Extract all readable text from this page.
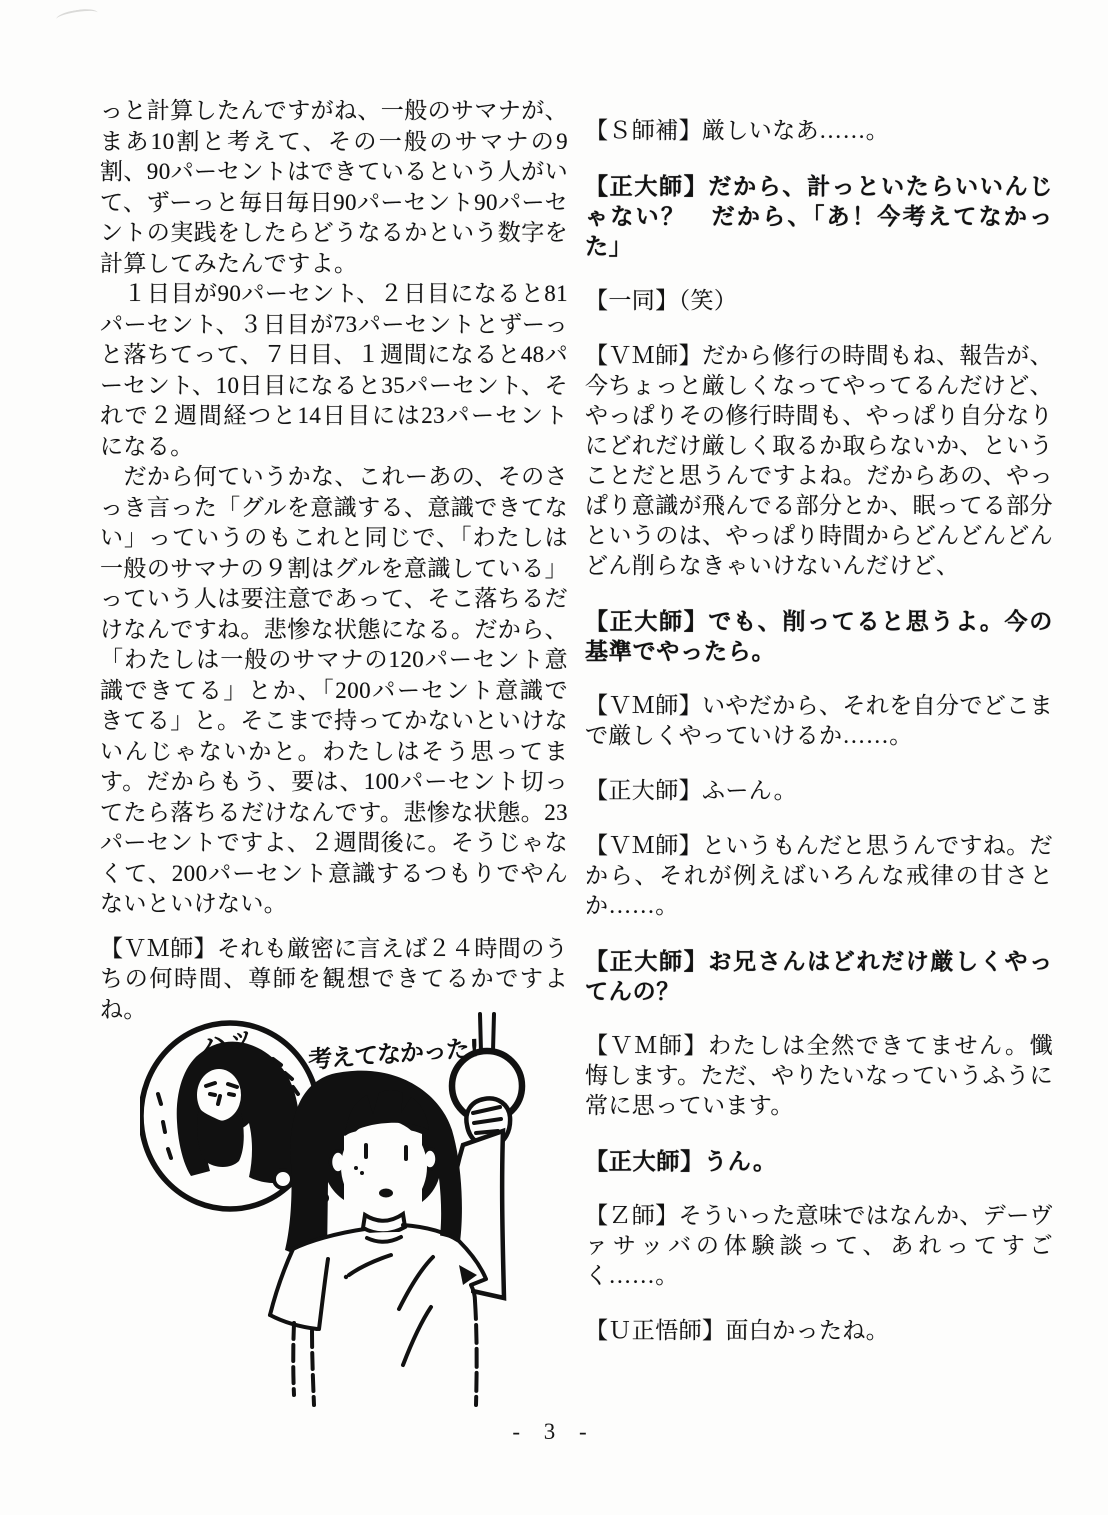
っと計算したんですがね、一般のサマナが、まあ10割と考えて、その一般のサマナの9割、90パーセントはできているという人がいて、ずーっと毎日毎日90パーセント90パーセントの実践をしたらどうなるかという数字を計算してみたんですよ。

　１日目が90パーセント、２日目になると81パーセント、３日目が73パーセントとずーっと落ちてって、７日目、１週間になると48パーセント、10日目になると35パーセント、それで２週間経つと14日目には23パーセントになる。

　だから何ていうかな、これーあの、そのさっき言った「グルを意識する、意識できてない」っていうのもこれと同じで、「わたしは一般のサマナの９割はグルを意識している」っていう人は要注意であって、そこ落ちるだけなんですね。悲惨な状態になる。だから、「わたしは一般のサマナの120パーセント意識できてる」とか、「200パーセント意識できてる」と。そこまで持ってかないといけないんじゃないかと。わたしはそう思ってます。だからもう、要は、100パーセント切ってたら落ちるだけなんです。悲惨な状態。23パーセントですよ、２週間後に。そうじゃなくて、200パーセント意識するつもりでやんないといけない。

【ＶＭ師】それも厳密に言えば２４時間のうちの何時間、尊師を観想できてるかですよね。

【Ｓ師補】厳しいなあ……。

【正大師】だから、計っといたらいいんじゃない？　だから、「あ！今考えてなかった」

【一同】（笑）

【ＶＭ師】だから修行の時間もね、報告が、今ちょっと厳しくなってやってるんだけど、やっぱりその修行時間も、やっぱり自分なりにどれだけ厳しく取るか取らないか、ということだと思うんですよね。だからあの、やっぱり意識が飛んでる部分とか、眠ってる部分というのは、やっぱり時間からどんどんどんどん削らなきゃいけないんだけど、

【正大師】でも、削ってると思うよ。今の基準でやったら。

【ＶＭ師】いやだから、それを自分でどこまで厳しくやっていけるか……。

【正大師】ふーん。

【ＶＭ師】というもんだと思うんですね。だから、それが例えばいろんな戒律の甘さとか……。

【正大師】お兄さんはどれだけ厳しくやってんの？

【ＶＭ師】わたしは全然できてません。懺悔します。ただ、やりたいなっていうふうに常に思っています。

【正大師】うん。

【Ｚ師】そういった意味ではなんか、デーヴァサッバの体験談って、あれってすごく……。

【Ｕ正悟師】面白かったね。

ハッ 考えてなかった!
- 3 -
